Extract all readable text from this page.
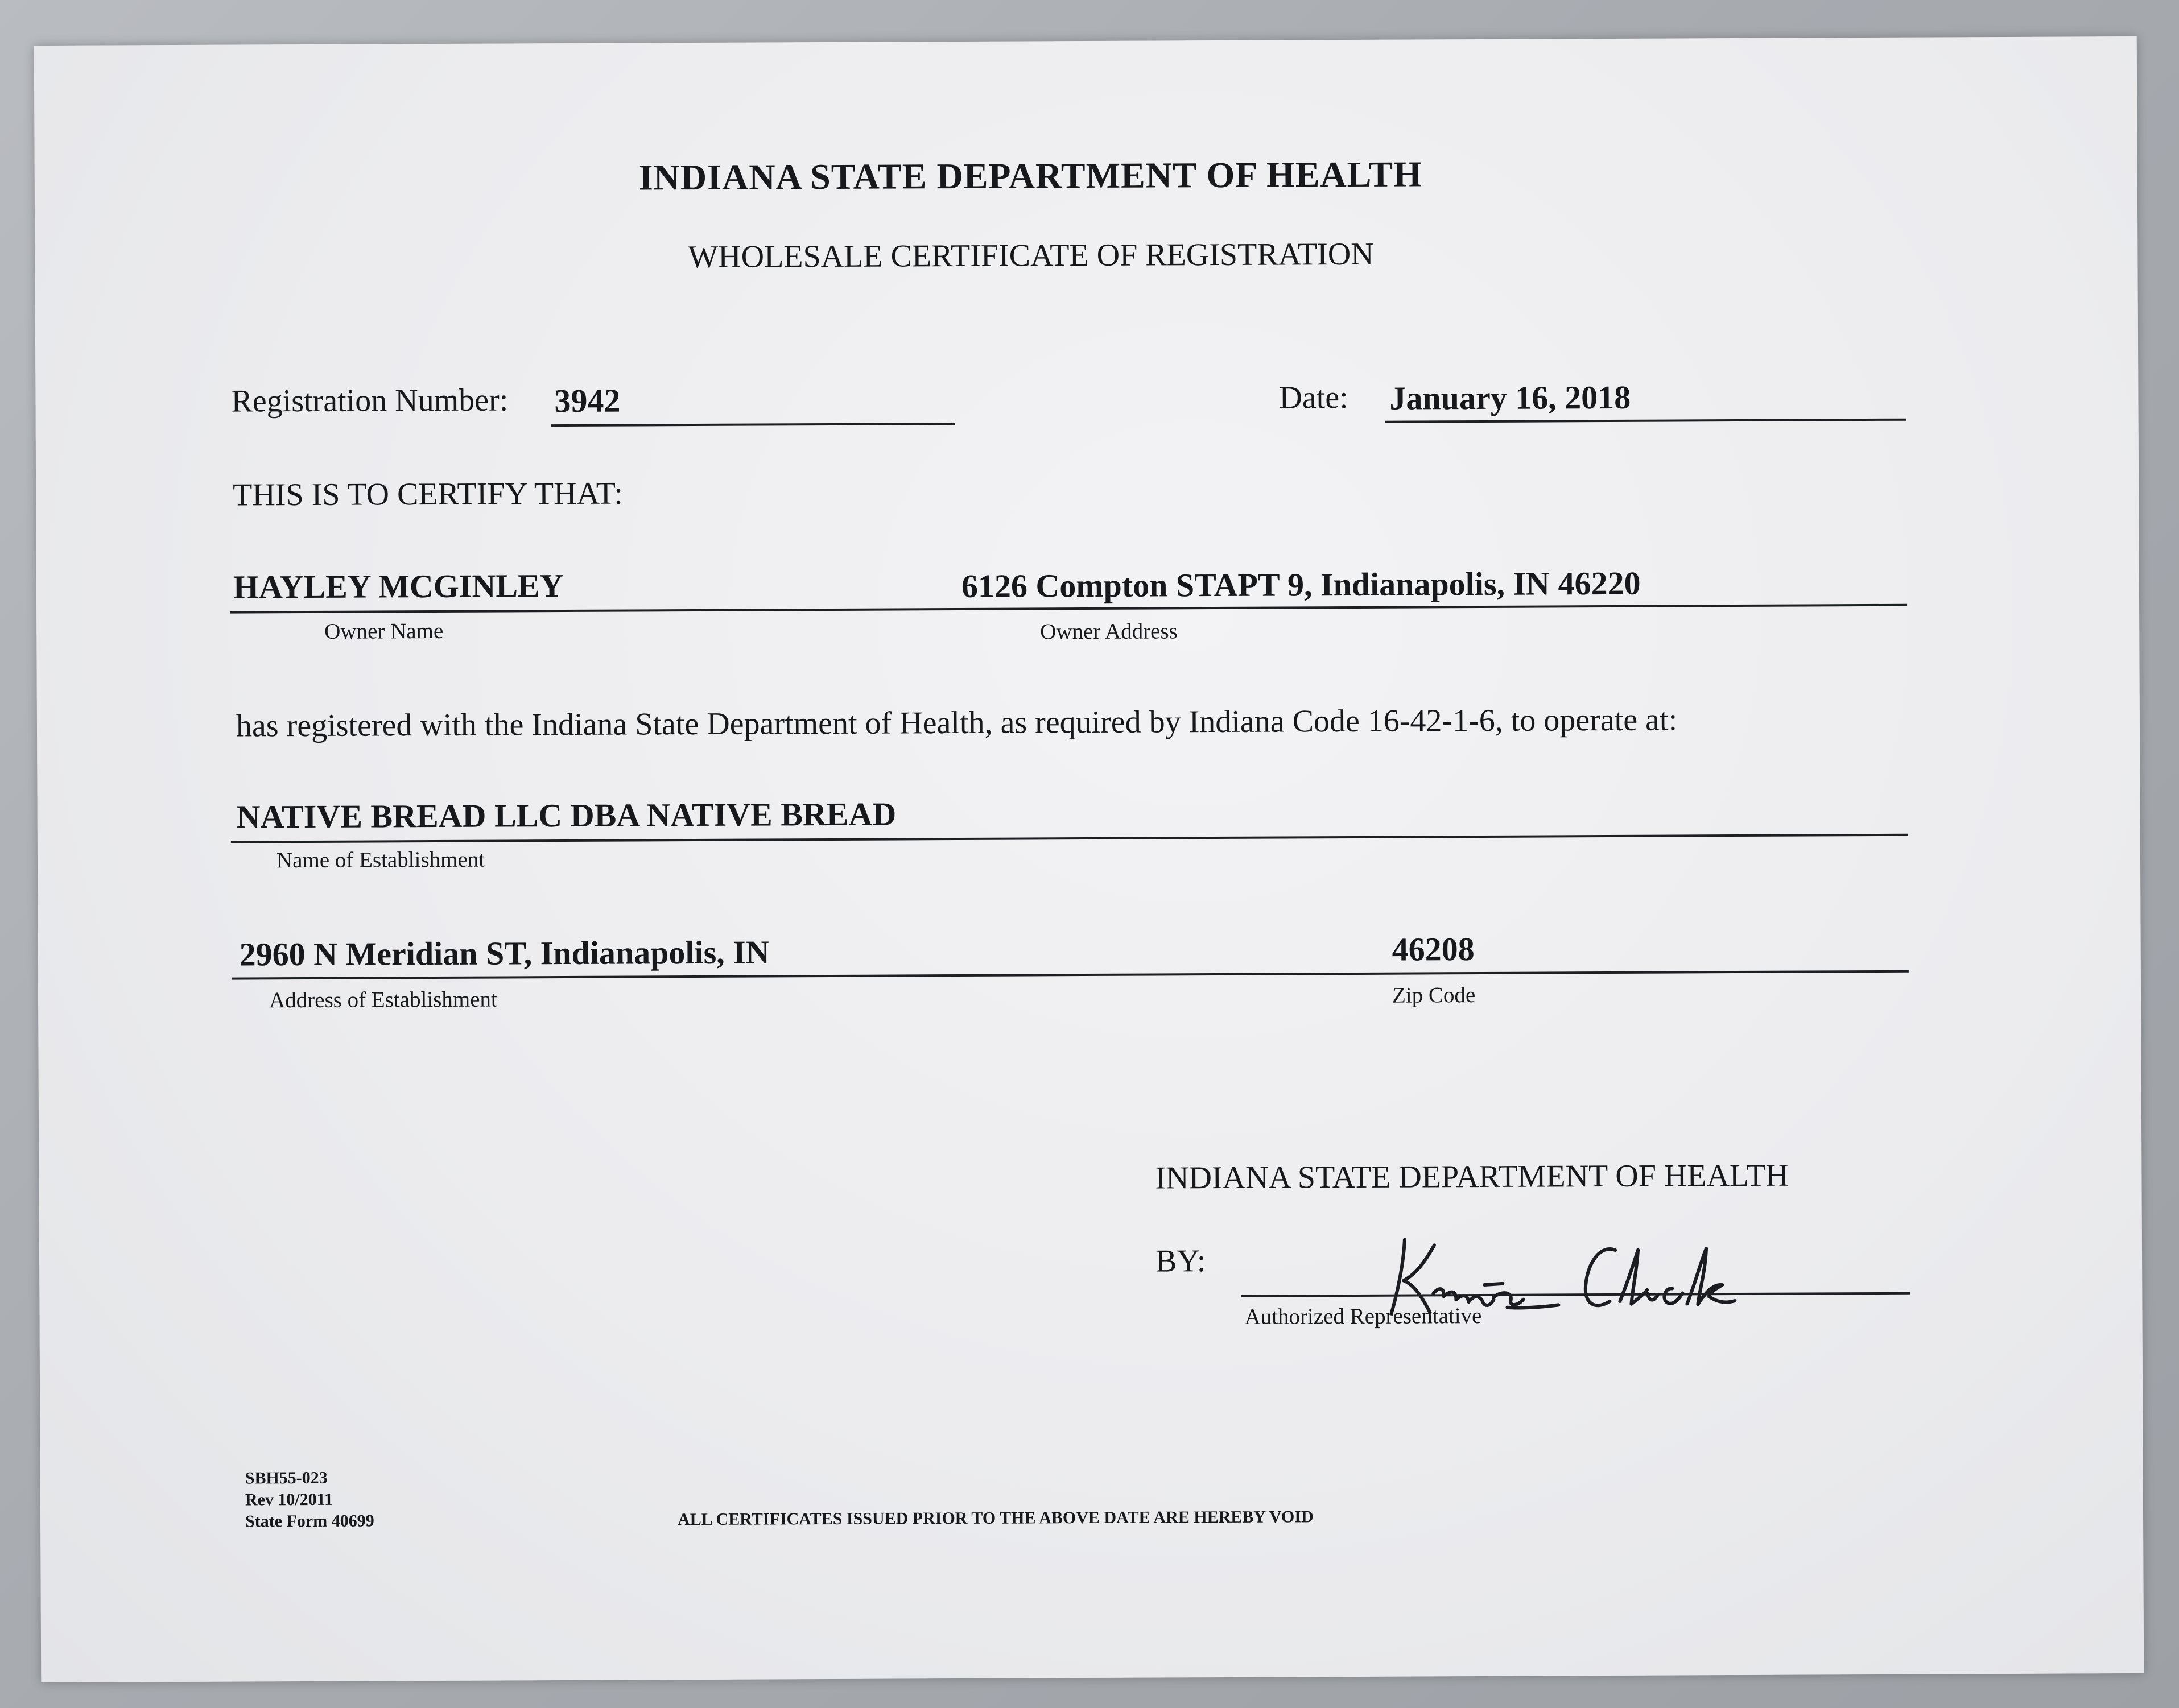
INDIANA STATE DEPARTMENT OF HEALTH
WHOLESALE CERTIFICATE OF REGISTRATION
Registration Number: 3942	Date: January 16, 2018
THIS IS TO CERTIFY THAT:
HAYLEY MCGINLEY	6126 Compton STAPT 9, Indianapolis, IN 46220
Owner Name	Owner Address
has registered with the Indiana State Department of Health, as required by Indiana Code 16-42-1-6, to operate at:
NATIVE BREAD LLC DBA NATIVE BREAD
Name of Establishment
2960 N Meridian ST, Indianapolis, IN	46208
Address of Establishment	Zip Code
INDIANA STATE DEPARTMENT OF HEALTH
BY:
Authorized Representative
SBH55-023
Rev 10/2011
State Form 40699	ALL CERTIFICATES ISSUED PRIOR TO THE ABOVE DATE ARE HEREBY VOID
